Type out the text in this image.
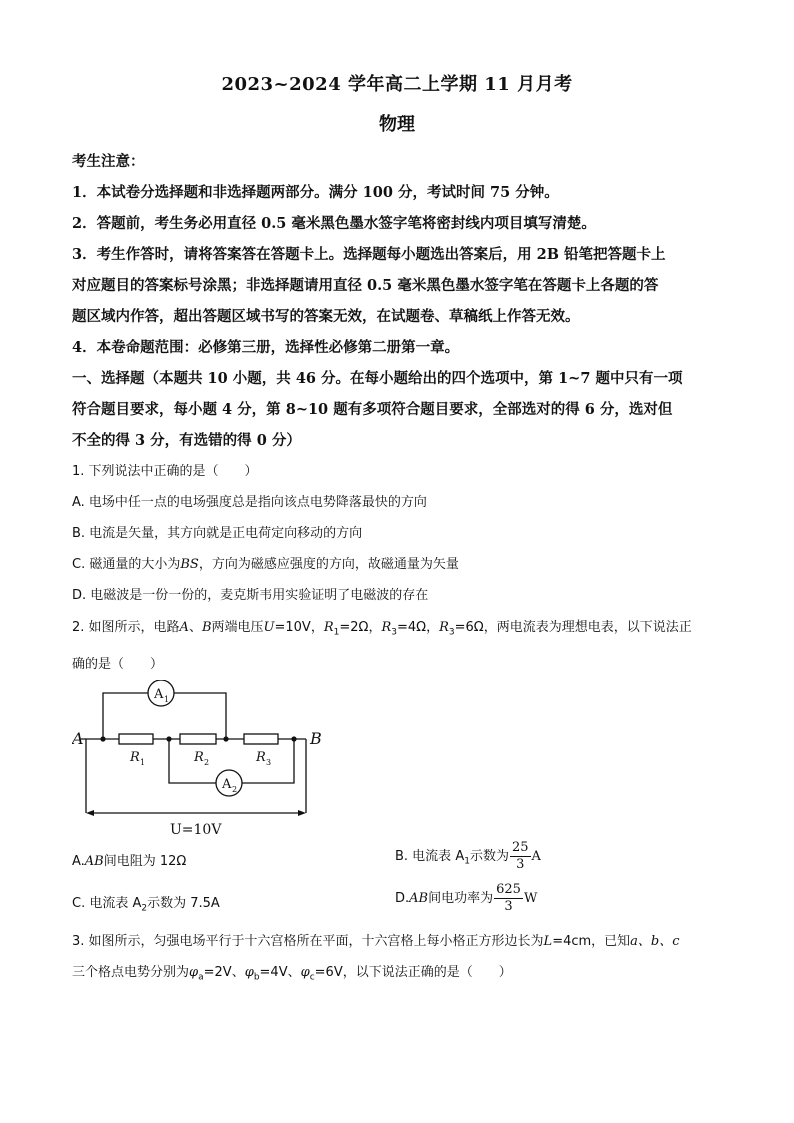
2023~2024 学年高二上学期 11 月月考
物理

考生注意：

1．本试卷分选择题和非选择题两部分。满分 100 分，考试时间 75 分钟。

2．答题前，考生务必用直径 0.5 毫米黑色墨水签字笔将密封线内项目填写清楚。

3．考生作答时，请将答案答在答题卡上。选择题每小题选出答案后，用 2B 铅笔把答题卡上

对应题目的答案标号涂黑；非选择题请用直径 0.5 毫米黑色墨水签字笔在答题卡上各题的答

题区域内作答，超出答题区域书写的答案无效，在试题卷、草稿纸上作答无效。

4．本卷命题范围：必修第三册，选择性必修第二册第一章。

一、选择题（本题共 10 小题，共 46 分。在每小题给出的四个选项中，第 1~7 题中只有一项

符合题目要求，每小题 4 分，第 8~10 题有多项符合题目要求，全部选对的得 6 分，选对但

不全的得 3 分，有选错的得 0 分）

1. 下列说法中正确的是（　　）

A. 电场中任一点的电场强度总是指向该点电势降落最快的方向

B. 电流是矢量，其方向就是正电荷定向移动的方向

C. 磁通量的大小为BS，方向为磁感应强度的方向，故磁通量为矢量

D. 电磁波是一份一份的，麦克斯韦用实验证明了电磁波的存在

2. 如图所示，电路A、B两端电压U=10V，$R_1=2\Omega$，$R_3=4\Omega$，$R_3=6\Omega$，两电流表为理想电表，以下说法正

确的是（　　）

A	B
A 1
A 2
R 1	R 2	R 3
U=10V
A.AB间电阻为 12Ω	B. 电流表 $A_1$示数为 $\frac{25}{3}$ A
C. 电流表 $A_2$示数为 7.5A	D.AB间电功率为 $\frac{625}{3}$ W

3. 如图所示，匀强电场平行于十六宫格所在平面，十六宫格上每小格正方形边长为L=4cm，已知a、b、c

三个格点电势分别为$\varphi_a=2V$、$\varphi_b=4V$、$\varphi_c=6V$，以下说法正确的是（　　）
